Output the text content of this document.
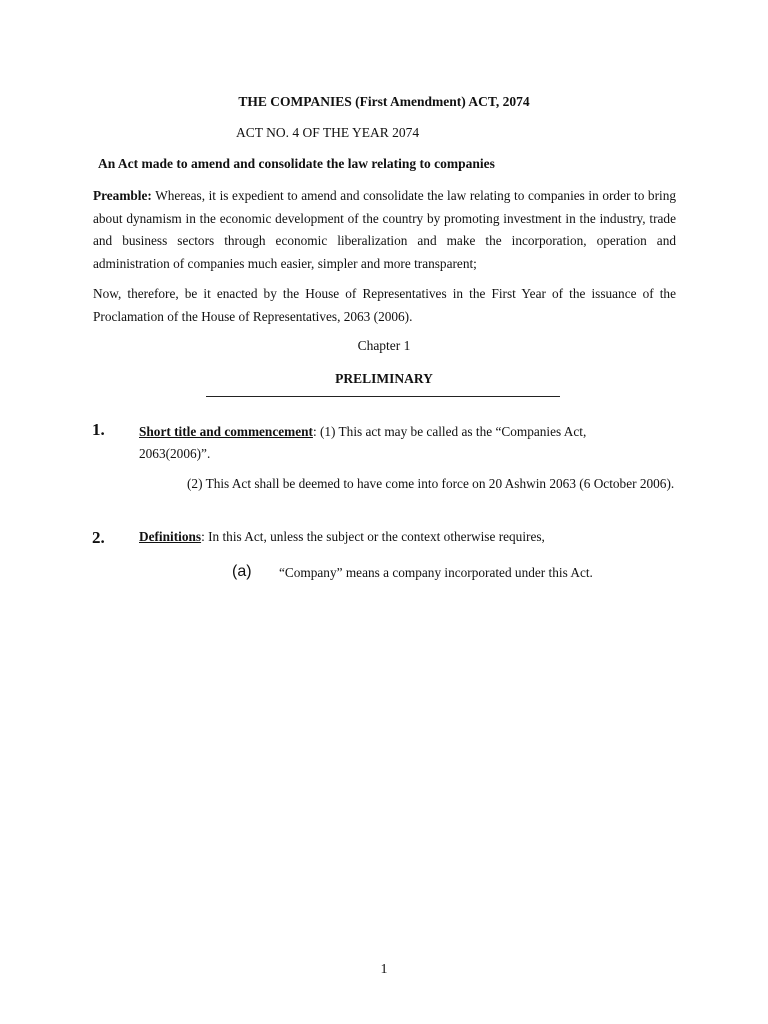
THE COMPANIES (First Amendment) ACT, 2074

ACT NO. 4 OF THE YEAR 2074

An Act made to amend and consolidate the law relating to companies

Preamble: Whereas, it is expedient to amend and consolidate the law relating to companies in order to bring about dynamism in the economic development of the country by promoting investment in the industry, trade and business sectors through economic liberalization and make the incorporation, operation and administration of companies much easier, simpler and more transparent;

Now, therefore, be it enacted by the House of Representatives in the First Year of the issuance of the Proclamation of the House of Representatives, 2063 (2006).

Chapter 1

PRELIMINARY

1.	Short title and commencement: (1) This act may be called as the “Companies Act, 2063(2006)”.

(2) This Act shall be deemed to have come into force on 20 Ashwin 2063 (6 October 2006).

2.	Definitions: In this Act, unless the subject or the context otherwise requires,

(a) “Company” means a company incorporated under this Act.

1
